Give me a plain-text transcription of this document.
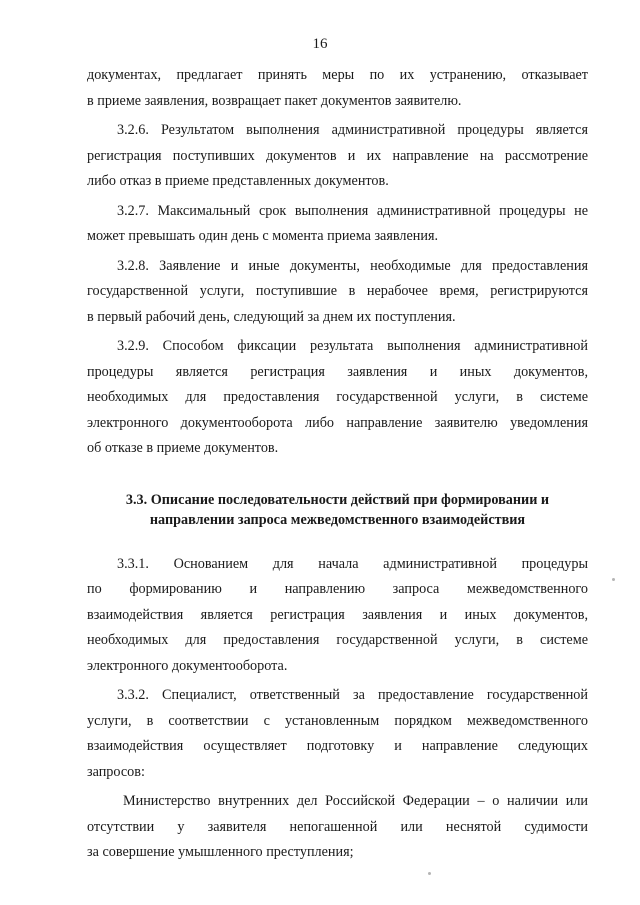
16
документах, предлагает принять меры по их устранению, отказывает
в приеме заявления, возвращает пакет документов заявителю.
3.2.6. Результатом выполнения административной процедуры является
регистрация поступивших документов и их направление на рассмотрение
либо отказ в приеме представленных документов.
3.2.7. Максимальный срок выполнения административной процедуры не
может превышать один день с момента приема заявления.
3.2.8. Заявление и иные документы, необходимые для предоставления
государственной услуги, поступившие в нерабочее время, регистрируются
в первый рабочий день, следующий за днем их поступления.
3.2.9. Способом фиксации результата выполнения административной
процедуры является регистрация заявления и иных документов,
необходимых для предоставления государственной услуги, в системе
электронного документооборота либо направление заявителю уведомления
об отказе в приеме документов.
3.3. Описание последовательности действий при формировании и
направлении запроса межведомственного взаимодействия
3.3.1. Основанием для начала административной процедуры
по формированию и направлению запроса межведомственного
взаимодействия является регистрация заявления и иных документов,
необходимых для предоставления государственной услуги, в системе
электронного документооборота.
3.3.2. Специалист, ответственный за предоставление государственной
услуги, в соответствии с установленным порядком межведомственного
взаимодействия осуществляет подготовку и направление следующих
запросов:
Министерство внутренних дел Российской Федерации – о наличии или
отсутствии у заявителя непогашенной или неснятой судимости
за совершение умышленного преступления;
